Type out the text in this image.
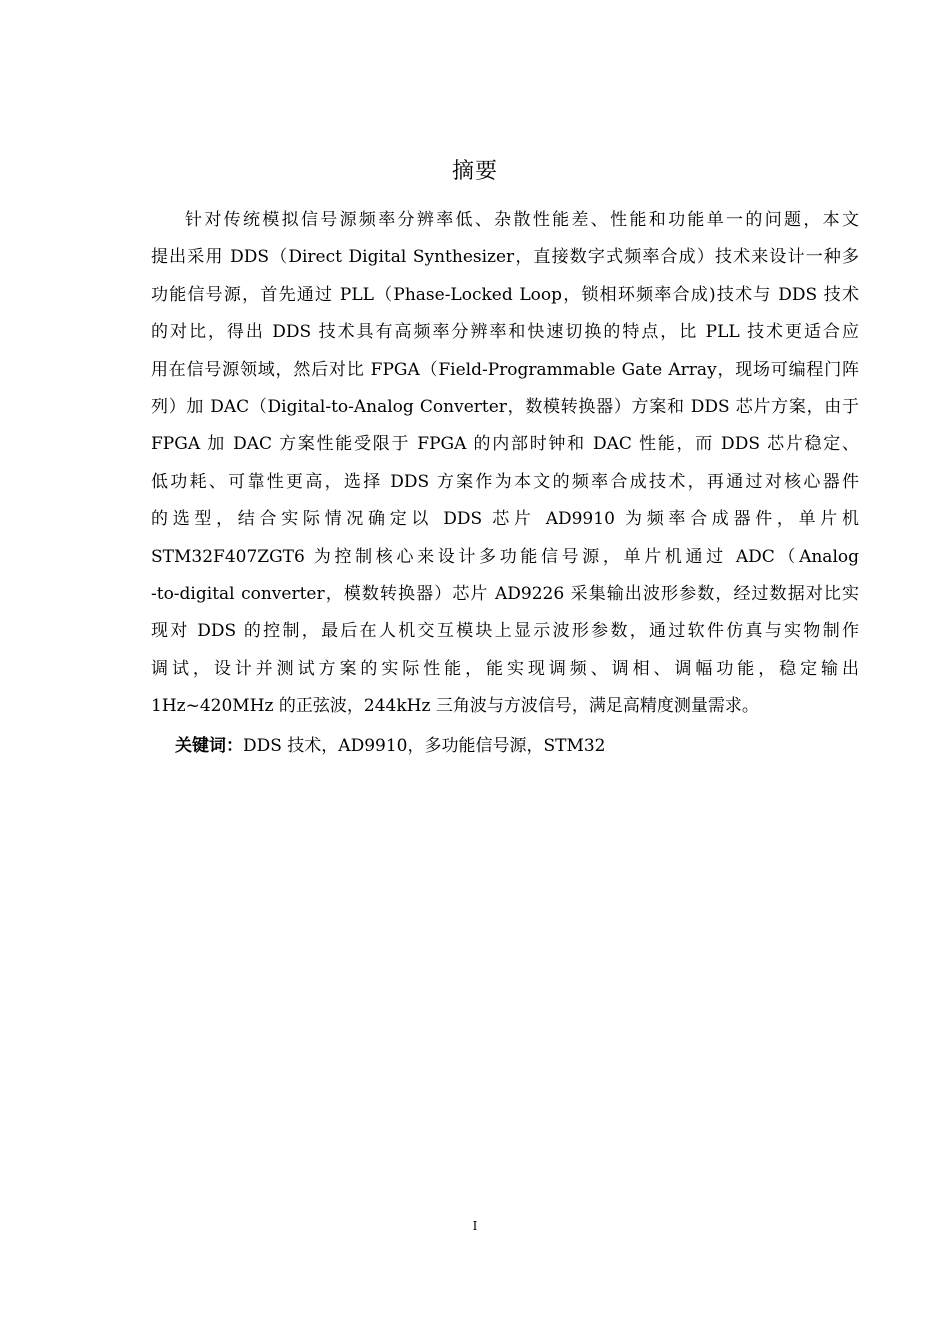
摘要
针对传统模拟信号源频率分辨率低、杂散性能差、性能和功能单一的问题，本文
提出采用 DDS（Direct Digital Synthesizer，直接数字式频率合成）技术来设计一种多
功能信号源，首先通过 PLL（Phase-Locked Loop，锁相环频率合成)技术与 DDS 技术
的对比，得出 DDS 技术具有高频率分辨率和快速切换的特点，比 PLL 技术更适合应
用在信号源领域，然后对比 FPGA（Field-Programmable Gate Array，现场可编程门阵
列）加 DAC（Digital-to-Analog Converter，数模转换器）方案和 DDS 芯片方案，由于
FPGA 加 DAC 方案性能受限于 FPGA 的内部时钟和 DAC 性能，而 DDS 芯片稳定、
低功耗、可靠性更高，选择 DDS 方案作为本文的频率合成技术，再通过对核心器件
的选型，结合实际情况确定以 DDS 芯片 AD9910 为频率合成器件，单片机
STM32F407ZGT6 为控制核心来设计多功能信号源，单片机通过 ADC（Analog
-to-digital converter，模数转换器）芯片 AD9226 采集输出波形参数，经过数据对比实
现对 DDS 的控制，最后在人机交互模块上显示波形参数，通过软件仿真与实物制作
调试，设计并测试方案的实际性能，能实现调频、调相、调幅功能，稳定输出
1Hz~420MHz 的正弦波，244kHz 三角波与方波信号，满足高精度测量需求。
关键词：DDS 技术，AD9910，多功能信号源，STM32
I
